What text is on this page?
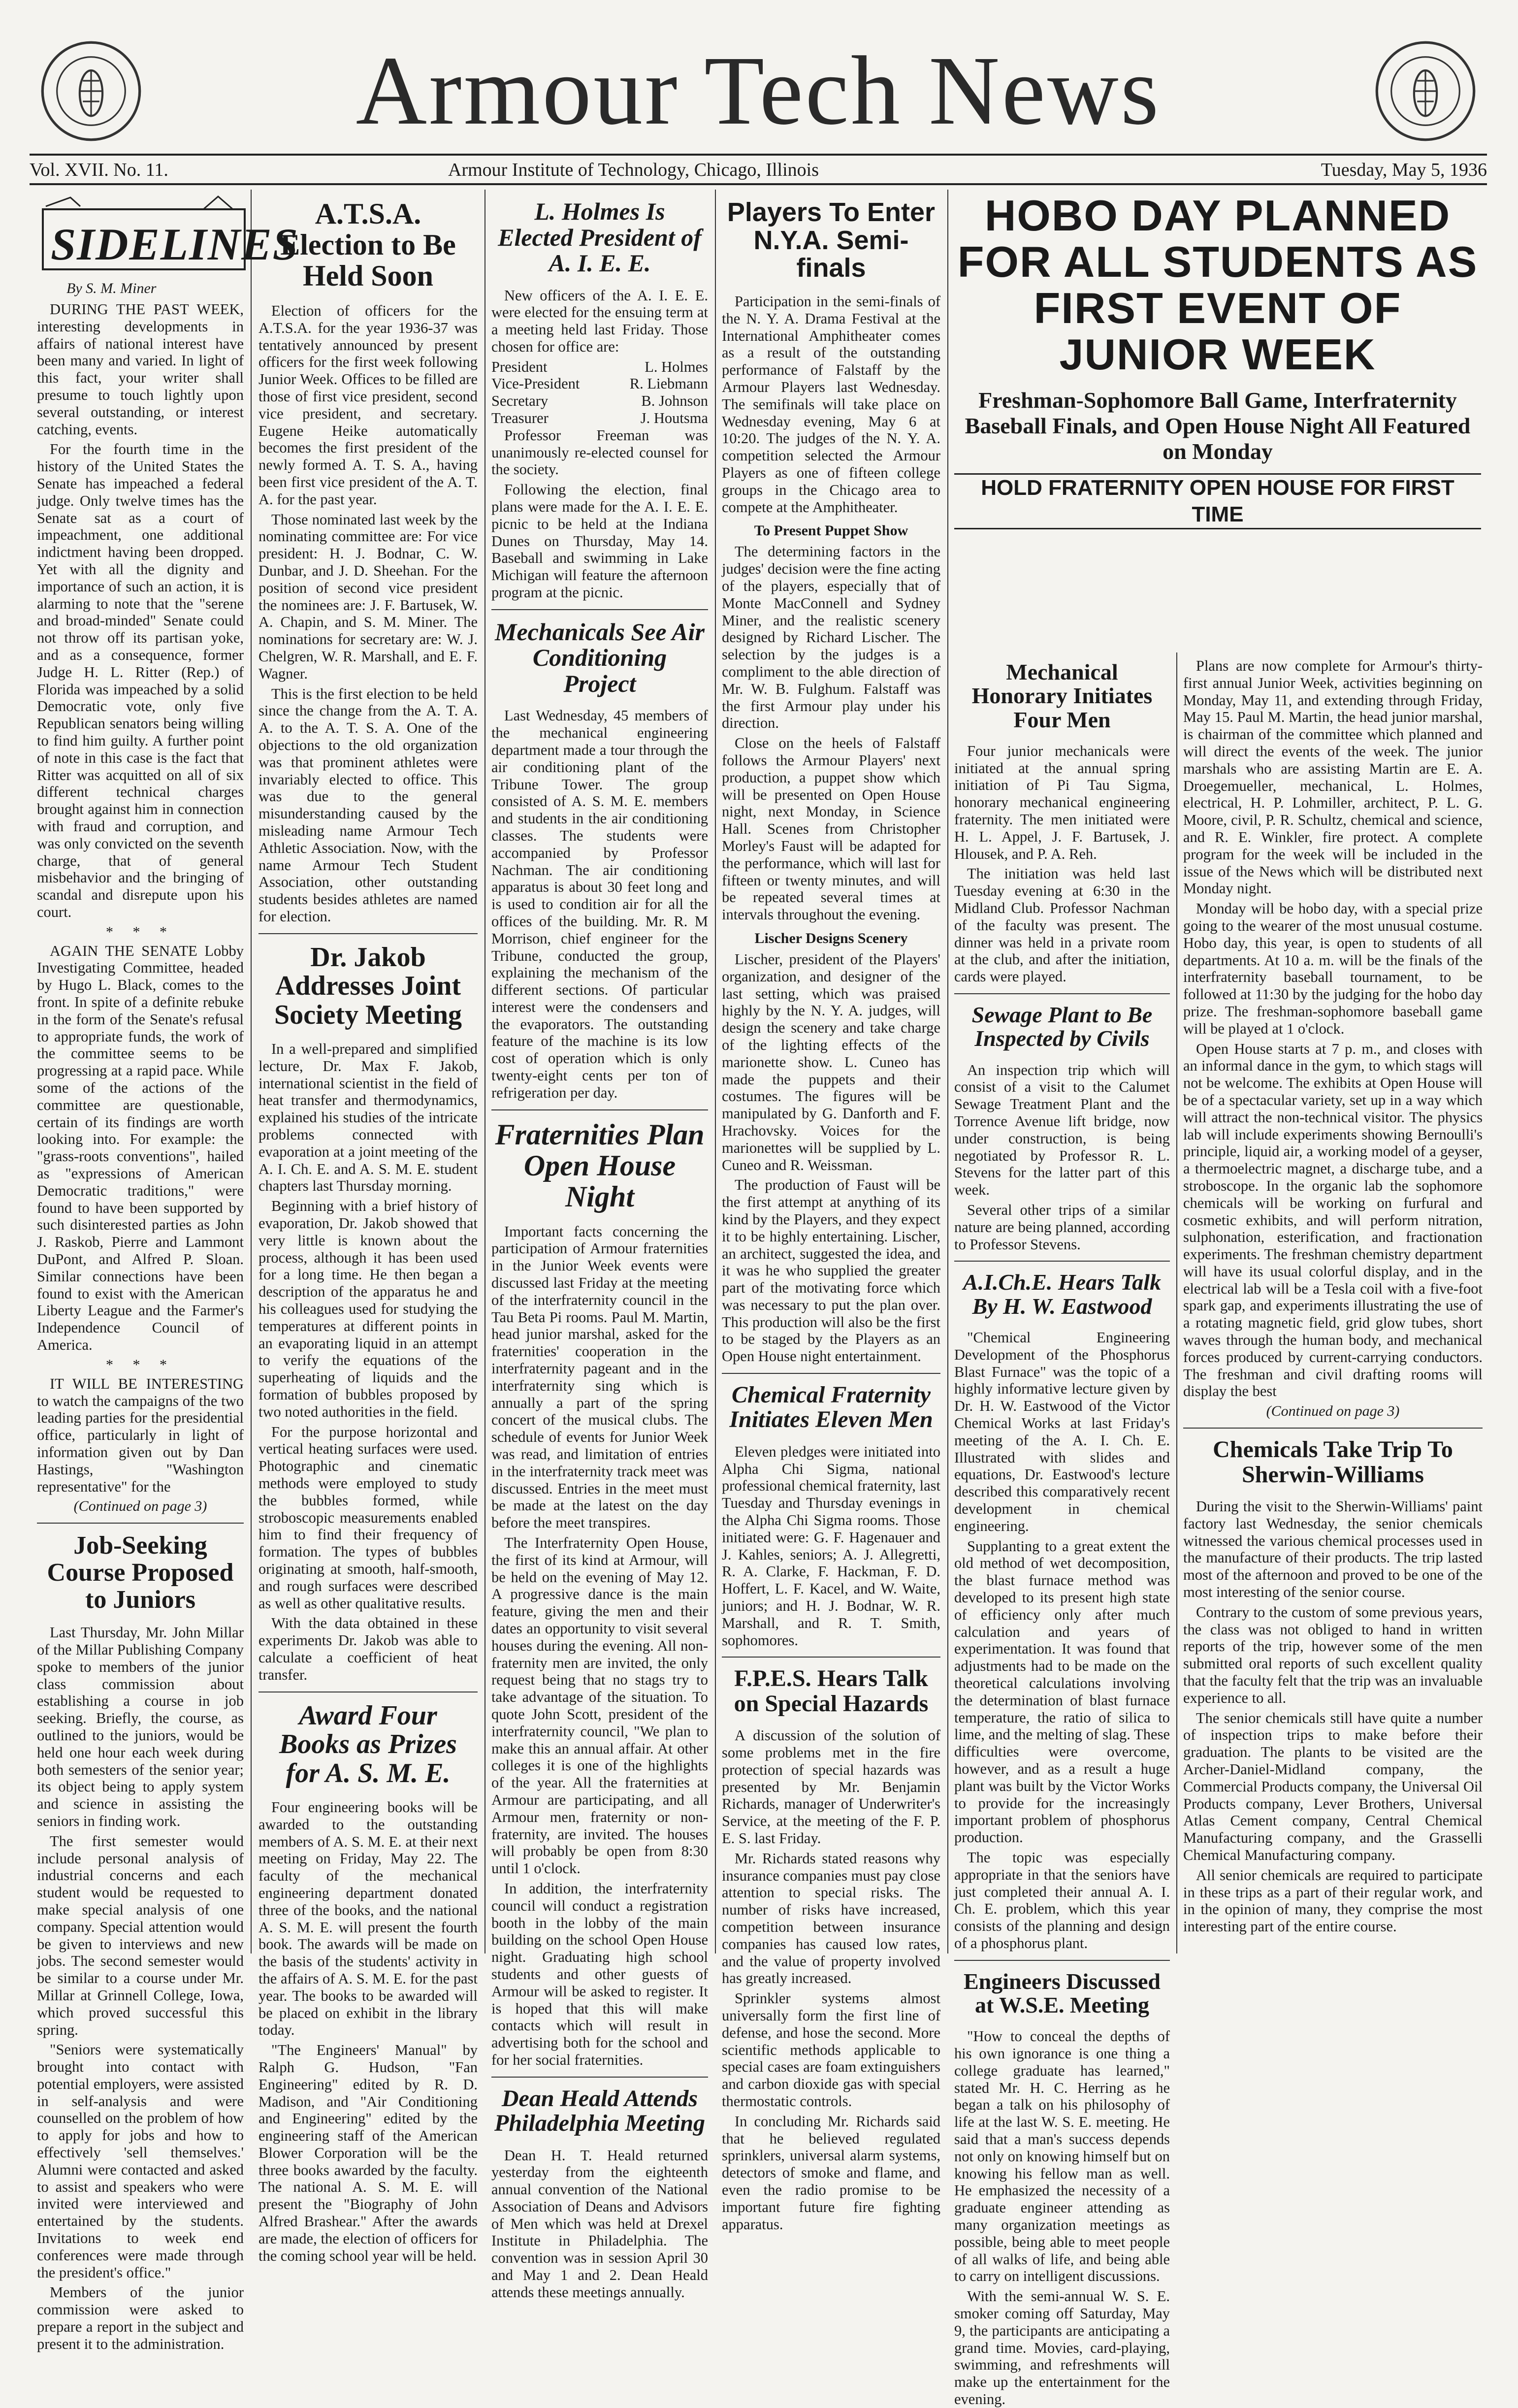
Armour Tech News
Vol. XVII. No. 11.	Armour Institute of Technology, Chicago, Illinois	Tuesday, May 5, 1936
SIDELINES
By S. M. Miner

DURING THE PAST WEEK, interesting developments in affairs of national interest have been many and varied. In light of this fact, your writer shall presume to touch lightly upon several outstanding, or interest catching, events.

For the fourth time in the history of the United States the Senate has impeached a federal judge. Only twelve times has the Senate sat as a court of impeachment, one additional indictment having been dropped. Yet with all the dignity and importance of such an action, it is alarming to note that the "serene and broad-minded" Senate could not throw off its partisan yoke, and as a consequence, former Judge H. L. Ritter (Rep.) of Florida was impeached by a solid Democratic vote, only five Republican senators being willing to find him guilty. A further point of note in this case is the fact that Ritter was acquitted on all of six different technical charges brought against him in connection with fraud and corruption, and was only convicted on the seventh charge, that of general misbehavior and the bringing of scandal and disrepute upon his court.

* * *

AGAIN THE SENATE Lobby Investigating Committee, headed by Hugo L. Black, comes to the front. In spite of a definite rebuke in the form of the Senate's refusal to appropriate funds, the work of the committee seems to be progressing at a rapid pace. While some of the actions of the committee are questionable, certain of its findings are worth looking into. For example: the "grass-roots conventions", hailed as "expressions of American Democratic traditions," were found to have been supported by such disinterested parties as John J. Raskob, Pierre and Lammont DuPont, and Alfred P. Sloan. Similar connections have been found to exist with the American Liberty League and the Farmer's Independence Council of America.

* * *

IT WILL BE INTERESTING to watch the campaigns of the two leading parties for the presidential office, particularly in light of information given out by Dan Hastings, "Washington representative" for the

(Continued on page 3)
Job-Seeking Course Proposed to Juniors

Last Thursday, Mr. John Millar of the Millar Publishing Company spoke to members of the junior class commission about establishing a course in job seeking. Briefly, the course, as outlined to the juniors, would be held one hour each week during both semesters of the senior year; its object being to apply system and science in assisting the seniors in finding work.

The first semester would include personal analysis of industrial concerns and each student would be requested to make special analysis of one company. Special attention would be given to interviews and new jobs. The second semester would be similar to a course under Mr. Millar at Grinnell College, Iowa, which proved successful this spring.

"Seniors were systematically brought into contact with potential employers, were assisted in self-analysis and were counselled on the problem of how to apply for jobs and how to effectively 'sell themselves.' Alumni were contacted and asked to assist and speakers who were invited were interviewed and entertained by the students. Invitations to week end conferences were made through the president's office."

Members of the junior commission were asked to prepare a report in the subject and present it to the administration.

A.T.S.A. Election to Be Held Soon

Election of officers for the A.T.S.A. for the year 1936-37 was tentatively announced by present officers for the first week following Junior Week. Offices to be filled are those of first vice president, second vice president, and secretary. Eugene Heike automatically becomes the first president of the newly formed A. T. S. A., having been first vice president of the A. T. A. for the past year.

Those nominated last week by the nominating committee are: For vice president: H. J. Bodnar, C. W. Dunbar, and J. D. Sheehan. For the position of second vice president the nominees are: J. F. Bartusek, W. A. Chapin, and S. M. Miner. The nominations for secretary are: W. J. Chelgren, W. R. Marshall, and E. F. Wagner.

This is the first election to be held since the change from the A. T. A. A. to the A. T. S. A. One of the objections to the old organization was that prominent athletes were invariably elected to office. This was due to the general misunderstanding caused by the misleading name Armour Tech Athletic Association. Now, with the name Armour Tech Student Association, other outstanding students besides athletes are named for election.

Dr. Jakob Addresses Joint Society Meeting

In a well-prepared and simplified lecture, Dr. Max F. Jakob, international scientist in the field of heat transfer and thermodynamics, explained his studies of the intricate problems connected with evaporation at a joint meeting of the A. I. Ch. E. and A. S. M. E. student chapters last Thursday morning.

Beginning with a brief history of evaporation, Dr. Jakob showed that very little is known about the process, although it has been used for a long time. He then began a description of the apparatus he and his colleagues used for studying the temperatures at different points in an evaporating liquid in an attempt to verify the equations of the superheating of liquids and the formation of bubbles proposed by two noted authorities in the field.

For the purpose horizontal and vertical heating surfaces were used. Photographic and cinematic methods were employed to study the bubbles formed, while stroboscopic measurements enabled him to find their frequency of formation. The types of bubbles originating at smooth, half-smooth, and rough surfaces were described as well as other qualitative results.

With the data obtained in these experiments Dr. Jakob was able to calculate a coefficient of heat transfer.

Award Four Books as Prizes for A. S. M. E.

Four engineering books will be awarded to the outstanding members of A. S. M. E. at their next meeting on Friday, May 22. The faculty of the mechanical engineering department donated three of the books, and the national A. S. M. E. will present the fourth book. The awards will be made on the basis of the students' activity in the affairs of A. S. M. E. for the past year. The books to be awarded will be placed on exhibit in the library today.

"The Engineers' Manual" by Ralph G. Hudson, "Fan Engineering" edited by R. D. Madison, and "Air Conditioning and Engineering" edited by the engineering staff of the American Blower Corporation will be the three books awarded by the faculty. The national A. S. M. E. will present the "Biography of John Alfred Brashear." After the awards are made, the election of officers for the coming school year will be held.

L. Holmes Is Elected President of A. I. E. E.

New officers of the A. I. E. E. were elected for the ensuing term at a meeting held last Friday. Those chosen for office are:

President	L. Holmes
Vice-President	R. Liebmann
Secretary	B. Johnson
Treasurer	J. Houtsma

Professor Freeman was unanimously re-elected counsel for the society.

Following the election, final plans were made for the A. I. E. E. picnic to be held at the Indiana Dunes on Thursday, May 14. Baseball and swimming in Lake Michigan will feature the afternoon program at the picnic.

Mechanicals See Air Conditioning Project

Last Wednesday, 45 members of the mechanical engineering department made a tour through the air conditioning plant of the Tribune Tower. The group consisted of A. S. M. E. members and students in the air conditioning classes. The students were accompanied by Professor Nachman. The air conditioning apparatus is about 30 feet long and is used to condition air for all the offices of the building. Mr. R. M Morrison, chief engineer for the Tribune, conducted the group, explaining the mechanism of the different sections. Of particular interest were the condensers and the evaporators. The outstanding feature of the machine is its low cost of operation which is only twenty-eight cents per ton of refrigeration per day.

Fraternities Plan Open House Night

Important facts concerning the participation of Armour fraternities in the Junior Week events were discussed last Friday at the meeting of the interfraternity council in the Tau Beta Pi rooms. Paul M. Martin, head junior marshal, asked for the fraternities' cooperation in the interfraternity pageant and in the interfraternity sing which is annually a part of the spring concert of the musical clubs. The schedule of events for Junior Week was read, and limitation of entries in the interfraternity track meet was discussed. Entries in the meet must be made at the latest on the day before the meet transpires.

The Interfraternity Open House, the first of its kind at Armour, will be held on the evening of May 12. A progressive dance is the main feature, giving the men and their dates an opportunity to visit several houses during the evening. All non-fraternity men are invited, the only request being that no stags try to take advantage of the situation. To quote John Scott, president of the interfraternity council, "We plan to make this an annual affair. At other colleges it is one of the highlights of the year. All the fraternities at Armour are participating, and all Armour men, fraternity or non-fraternity, are invited. The houses will probably be open from 8:30 until 1 o'clock.

In addition, the interfraternity council will conduct a registration booth in the lobby of the main building on the school Open House night. Graduating high school students and other guests of Armour will be asked to register. It is hoped that this will make contacts which will result in advertising both for the school and for her social fraternities.

Dean Heald Attends Philadelphia Meeting

Dean H. T. Heald returned yesterday from the eighteenth annual convention of the National Association of Deans and Advisors of Men which was held at Drexel Institute in Philadelphia. The convention was in session April 30 and May 1 and 2. Dean Heald attends these meetings annually.

Players To Enter N.Y.A. Semi-finals

Participation in the semi-finals of the N. Y. A. Drama Festival at the International Amphitheater comes as a result of the outstanding performance of Falstaff by the Armour Players last Wednesday. The semifinals will take place on Wednesday evening, May 6 at 10:20. The judges of the N. Y. A. competition selected the Armour Players as one of fifteen college groups in the Chicago area to compete at the Amphitheater.

To Present Puppet Show

The determining factors in the judges' decision were the fine acting of the players, especially that of Monte MacConnell and Sydney Miner, and the realistic scenery designed by Richard Lischer. The selection by the judges is a compliment to the able direction of Mr. W. B. Fulghum. Falstaff was the first Armour play under his direction.

Close on the heels of Falstaff follows the Armour Players' next production, a puppet show which will be presented on Open House night, next Monday, in Science Hall. Scenes from Christopher Morley's Faust will be adapted for the performance, which will last for fifteen or twenty minutes, and will be repeated several times at intervals throughout the evening.

Lischer Designs Scenery

Lischer, president of the Players' organization, and designer of the last setting, which was praised highly by the N. Y. A. judges, will design the scenery and take charge of the lighting effects of the marionette show. L. Cuneo has made the puppets and their costumes. The figures will be manipulated by G. Danforth and F. Hrachovsky. Voices for the marionettes will be supplied by L. Cuneo and R. Weissman.

The production of Faust will be the first attempt at anything of its kind by the Players, and they expect it to be highly entertaining. Lischer, an architect, suggested the idea, and it was he who supplied the greater part of the motivating force which was necessary to put the plan over. This production will also be the first to be staged by the Players as an Open House night entertainment.

Chemical Fraternity Initiates Eleven Men

Eleven pledges were initiated into Alpha Chi Sigma, national professional chemical fraternity, last Tuesday and Thursday evenings in the Alpha Chi Sigma rooms. Those initiated were: G. F. Hagenauer and J. Kahles, seniors; A. J. Allegretti, R. A. Clarke, F. Hackman, F. D. Hoffert, L. F. Kacel, and W. Waite, juniors; and H. J. Bodnar, W. R. Marshall, and R. T. Smith, sophomores.

F.P.E.S. Hears Talk on Special Hazards

A discussion of the solution of some problems met in the fire protection of special hazards was presented by Mr. Benjamin Richards, manager of Underwriter's Service, at the meeting of the F. P. E. S. last Friday.

Mr. Richards stated reasons why insurance companies must pay close attention to special risks. The number of risks have increased, competition between insurance companies has caused low rates, and the value of property involved has greatly increased.

Sprinkler systems almost universally form the first line of defense, and hose the second. More scientific methods applicable to special cases are foam extinguishers and carbon dioxide gas with special thermostatic controls.

In concluding Mr. Richards said that he believed regulated sprinklers, universal alarm systems, detectors of smoke and flame, and even the radio promise to be important future fire fighting apparatus.

HOBO DAY PLANNED FOR ALL STUDENTS AS FIRST EVENT OF JUNIOR WEEK
Freshman-Sophomore Ball Game, Interfraternity Baseball Finals, and Open House Night All Featured on Monday
HOLD FRATERNITY OPEN HOUSE FOR FIRST TIME
Mechanical Honorary Initiates Four Men

Four junior mechanicals were initiated at the annual spring initiation of Pi Tau Sigma, honorary mechanical engineering fraternity. The men initiated were H. L. Appel, J. F. Bartusek, J. Hlousek, and P. A. Reh.

The initiation was held last Tuesday evening at 6:30 in the Midland Club. Professor Nachman of the faculty was present. The dinner was held in a private room at the club, and after the initiation, cards were played.

Sewage Plant to Be Inspected by Civils

An inspection trip which will consist of a visit to the Calumet Sewage Treatment Plant and the Torrence Avenue lift bridge, now under construction, is being negotiated by Professor R. L. Stevens for the latter part of this week.

Several other trips of a similar nature are being planned, according to Professor Stevens.

A.I.Ch.E. Hears Talk By H. W. Eastwood

"Chemical Engineering Development of the Phosphorus Blast Furnace" was the topic of a highly informative lecture given by Dr. H. W. Eastwood of the Victor Chemical Works at last Friday's meeting of the A. I. Ch. E. Illustrated with slides and equations, Dr. Eastwood's lecture described this comparatively recent development in chemical engineering.

Supplanting to a great extent the old method of wet decomposition, the blast furnace method was developed to its present high state of efficiency only after much calculation and years of experimentation. It was found that adjustments had to be made on the theoretical calculations involving the determination of blast furnace temperature, the ratio of silica to lime, and the melting of slag. These difficulties were overcome, however, and as a result a huge plant was built by the Victor Works to provide for the increasingly important problem of phosphorus production.

The topic was especially appropriate in that the seniors have just completed their annual A. I. Ch. E. problem, which this year consists of the planning and design of a phosphorus plant.

Engineers Discussed at W.S.E. Meeting

"How to conceal the depths of his own ignorance is one thing a college graduate has learned," stated Mr. H. C. Herring as he began a talk on his philosophy of life at the last W. S. E. meeting. He said that a man's success depends not only on knowing himself but on knowing his fellow man as well. He emphasized the necessity of a graduate engineer attending as many organization meetings as possible, being able to meet people of all walks of life, and being able to carry on intelligent discussions.

With the semi-annual W. S. E. smoker coming off Saturday, May 9, the participants are anticipating a grand time. Movies, card-playing, swimming, and refreshments will make up the entertainment for the evening.

Plans are now complete for Armour's thirty-first annual Junior Week, activities beginning on Monday, May 11, and extending through Friday, May 15. Paul M. Martin, the head junior marshal, is chairman of the committee which planned and will direct the events of the week. The junior marshals who are assisting Martin are E. A. Droegemueller, mechanical, L. Holmes, electrical, H. P. Lohmiller, architect, P. L. G. Moore, civil, P. R. Schultz, chemical and science, and R. E. Winkler, fire protect. A complete program for the week will be included in the issue of the News which will be distributed next Monday night.

Monday will be hobo day, with a special prize going to the wearer of the most unusual costume. Hobo day, this year, is open to students of all departments. At 10 a. m. will be the finals of the interfraternity baseball tournament, to be followed at 11:30 by the judging for the hobo day prize. The freshman-sophomore baseball game will be played at 1 o'clock.

Open House starts at 7 p. m., and closes with an informal dance in the gym, to which stags will not be welcome. The exhibits at Open House will be of a spectacular variety, set up in a way which will attract the non-technical visitor. The physics lab will include experiments showing Bernoulli's principle, liquid air, a working model of a geyser, a thermoelectric magnet, a discharge tube, and a stroboscope. In the organic lab the sophomore chemicals will be working on furfural and cosmetic exhibits, and will perform nitration, sulphonation, esterification, and fractionation experiments. The freshman chemistry department will have its usual colorful display, and in the electrical lab will be a Tesla coil with a five-foot spark gap, and experiments illustrating the use of a rotating magnetic field, grid glow tubes, short waves through the human body, and mechanical forces produced by current-carrying conductors. The freshman and civil drafting rooms will display the best

(Continued on page 3)
Chemicals Take Trip To Sherwin-Williams

During the visit to the Sherwin-Williams' paint factory last Wednesday, the senior chemicals witnessed the various chemical processes used in the manufacture of their products. The trip lasted most of the afternoon and proved to be one of the most interesting of the senior course.

Contrary to the custom of some previous years, the class was not obliged to hand in written reports of the trip, however some of the men submitted oral reports of such excellent quality that the faculty felt that the trip was an invaluable experience to all.

The senior chemicals still have quite a number of inspection trips to make before their graduation. The plants to be visited are the Archer-Daniel-Midland company, the Commercial Products company, the Universal Oil Products company, Lever Brothers, Universal Atlas Cement company, Central Chemical Manufacturing company, and the Grasselli Chemical Manufacturing company.

All senior chemicals are required to participate in these trips as a part of their regular work, and in the opinion of many, they comprise the most interesting part of the entire course.
